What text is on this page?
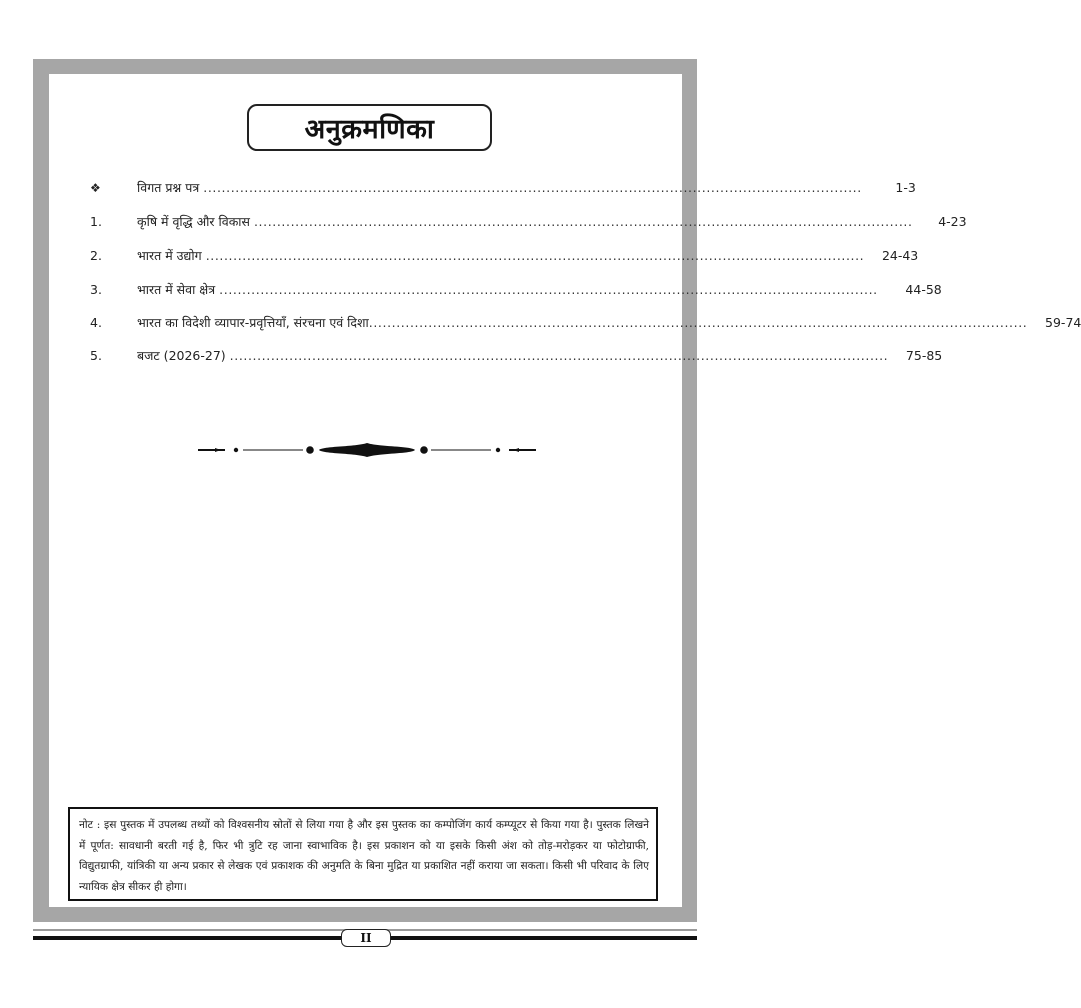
अनुक्रमणिका
❖	विगत प्रश्न पत्र ................................................................................................................................................	1-3
1.	कृषि में वृद्धि और विकास ................................................................................................................................................	4-23
2.	भारत में उद्योग ................................................................................................................................................	24-43
3.	भारत में सेवा क्षेत्र ................................................................................................................................................	44-58
4.	भारत का विदेशी व्यापार-प्रवृत्तियाँ, संरचना एवं दिशा ................................................................................................................................................	59-74
5.	बजट (2026-27) ................................................................................................................................................	75-85
नोट : इस पुस्तक में उपलब्ध तथ्यों को विश्वसनीय स्रोतों से लिया गया है और इस पुस्तक का कम्पोजिंग कार्य कम्प्यूटर से किया गया है। पुस्तक लिखने में पूर्णत: सावधानी बरती गई है, फिर भी त्रुटि रह जाना स्वाभाविक है। इस प्रकाशन को या इसके किसी अंश को तोड़-मरोड़कर या फोटोग्राफी, विद्युतग्राफी, यांत्रिकी या अन्य प्रकार से लेखक एवं प्रकाशक की अनुमति के बिना मुद्रित या प्रकाशित नहीं कराया जा सकता। किसी भी परिवाद के लिए न्यायिक क्षेत्र सीकर ही होगा।
II
